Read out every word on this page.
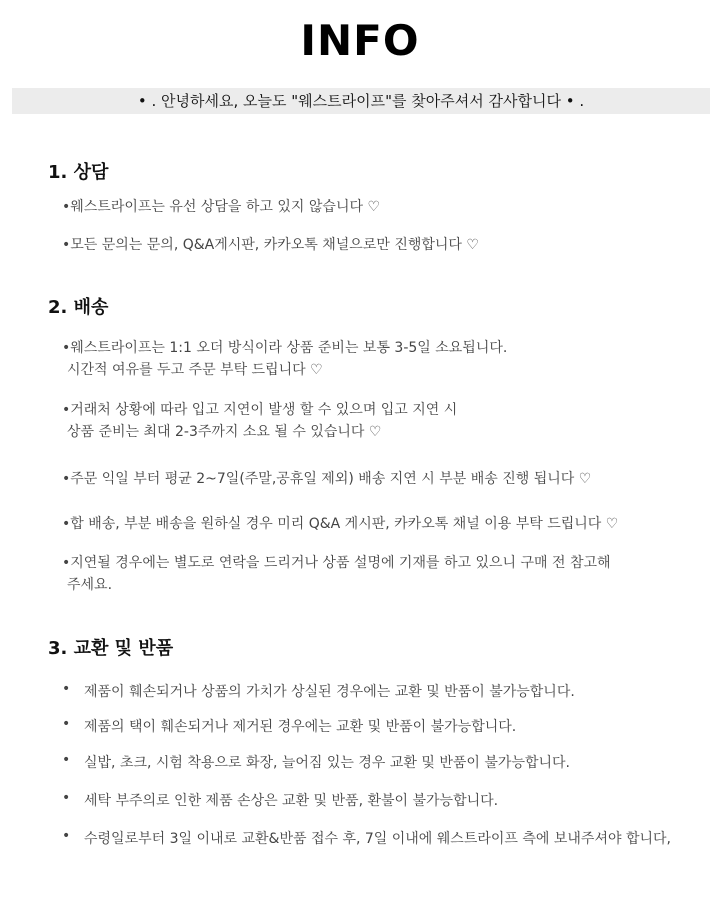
INFO
• . 안녕하세요, 오늘도 "웨스트라이프"를 찾아주셔서 감사합니다 • .
1. 상담
•웨스트라이프는 유선 상담을 하고 있지 않습니다 ♡
•모든 문의는 문의, Q&A게시판, 카카오톡 채널으로만 진행합니다 ♡
2. 배송
•웨스트라이프는 1:1 오더 방식이라 상품 준비는 보통 3-5일 소요됩니다.
시간적 여유를 두고 주문 부탁 드립니다 ♡
•거래처 상황에 따라 입고 지연이 발생 할 수 있으며 입고 지연 시
상품 준비는 최대 2-3주까지 소요 될 수 있습니다 ♡
•주문 익일 부터 평균 2~7일(주말,공휴일 제외) 배송 지연 시 부분 배송 진행 됩니다 ♡
•합 배송, 부분 배송을 원하실 경우 미리 Q&A 게시판, 카카오톡 채널 이용 부탁 드립니다 ♡
•지연될 경우에는 별도로 연락을 드리거나 상품 설명에 기재를 하고 있으니 구매 전 참고해
주세요.
3. 교환 및 반품
• 제품이 훼손되거나 상품의 가치가 상실된 경우에는 교환 및 반품이 불가능합니다.
• 제품의 택이 훼손되거나 제거된 경우에는 교환 및 반품이 불가능합니다.
• 실밥, 초크, 시험 착용으로 화장, 늘어짐 있는 경우 교환 및 반품이 불가능합니다.
• 세탁 부주의로 인한 제품 손상은 교환 및 반품, 환불이 불가능합니다.
• 수령일로부터 3일 이내로 교환&반품 접수 후, 7일 이내에 웨스트라이프 측에 보내주셔야 합니다,
